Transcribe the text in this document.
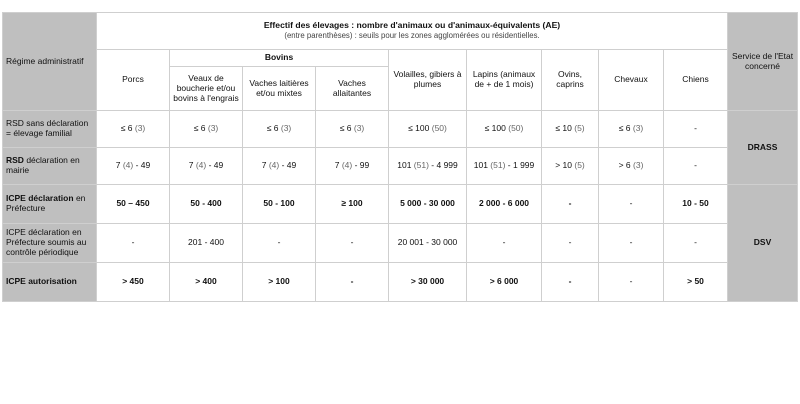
Régime administratif	Effectif des élevages : nombre d'animaux ou d'animaux-équivalents (AE)
(entre parenthèses) : seuils pour les zones agglomérées ou résidentielles.									Service de l'Etat concerné
	Porcs	Bovins			Volailles, gibiers à plumes	Lapins (animaux de + de 1 mois)	Ovins, caprins	Chevaux	Chiens	
		Veaux de boucherie et/ou bovins à l'engrais	Vaches laitières et/ou mixtes	Vaches allaitantes						
RSD sans déclaration = élevage familial	≤ 6 (3)	≤ 6 (3)	≤ 6 (3)	≤ 6 (3)	≤ 100 (50)	≤ 100 (50)	≤ 10 (5)	≤ 6 (3)	-	DRASS
RSD déclaration en mairie	7 (4) - 49	7 (4) - 49	7 (4) - 49	7 (4) - 99	101 (51) - 4 999	101 (51) - 1 999	> 10 (5)	> 6 (3)	-	
ICPE déclaration en Préfecture	50 – 450	50 - 400	50 - 100	≥ 100	5 000 - 30 000	2 000 - 6 000	-	-	10 - 50	DSV
ICPE déclaration en Préfecture soumis au contrôle périodique	-	201 - 400	-	-	20 001 - 30 000	-	-	-	-	
ICPE autorisation	> 450	> 400	> 100	-	> 30 000	> 6 000	-	-	> 50	
